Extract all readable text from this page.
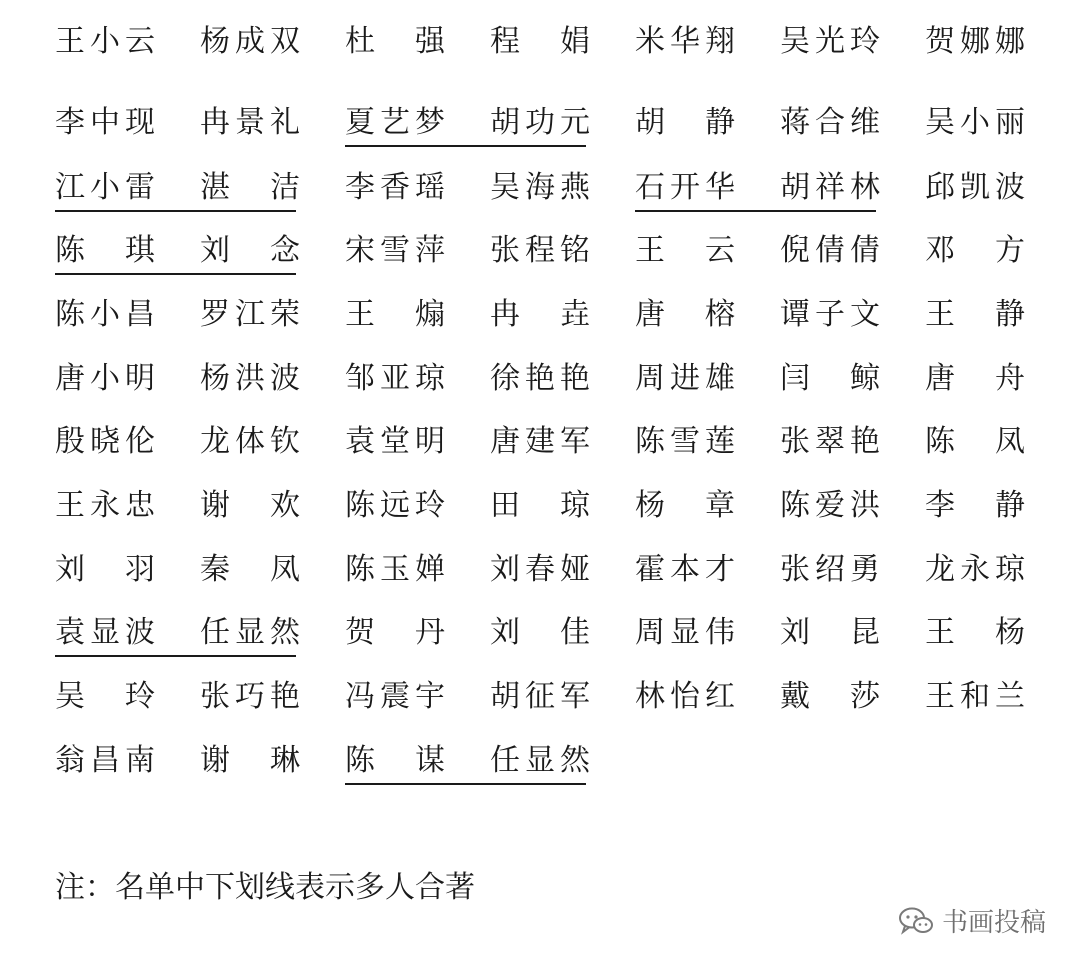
王小云 杨成双 杜　强 程　娟 米华翔 吴光玲 贺娜娜
李中现 冉景礼 夏艺梦 胡功元 胡　静 蒋合维 吴小丽
江小雷 湛　洁 李香瑶 吴海燕 石开华 胡祥林 邱凯波
陈　琪 刘　念 宋雪萍 张程铭 王　云 倪倩倩 邓　方
陈小昌 罗江荣 王　煽 冉　垚 唐　榕 谭子文 王　静
唐小明 杨洪波 邹亚琼 徐艳艳 周进雄 闫　鲸 唐　舟
殷晓伦 龙体钦 袁堂明 唐建军 陈雪莲 张翠艳 陈　凤
王永忠 谢　欢 陈远玲 田　琼 杨　章 陈爱洪 李　静
刘　羽 秦　凤 陈玉婵 刘春娅 霍本才 张绍勇 龙永琼
袁显波 任显然 贺　丹 刘　佳 周显伟 刘　昆 王　杨
吴　玲 张巧艳 冯震宇 胡征军 林怡红 戴　莎 王和兰
翁昌南 谢　琳 陈　谋 任显然
注：名单中下划线表示多人合著
书画投稿
